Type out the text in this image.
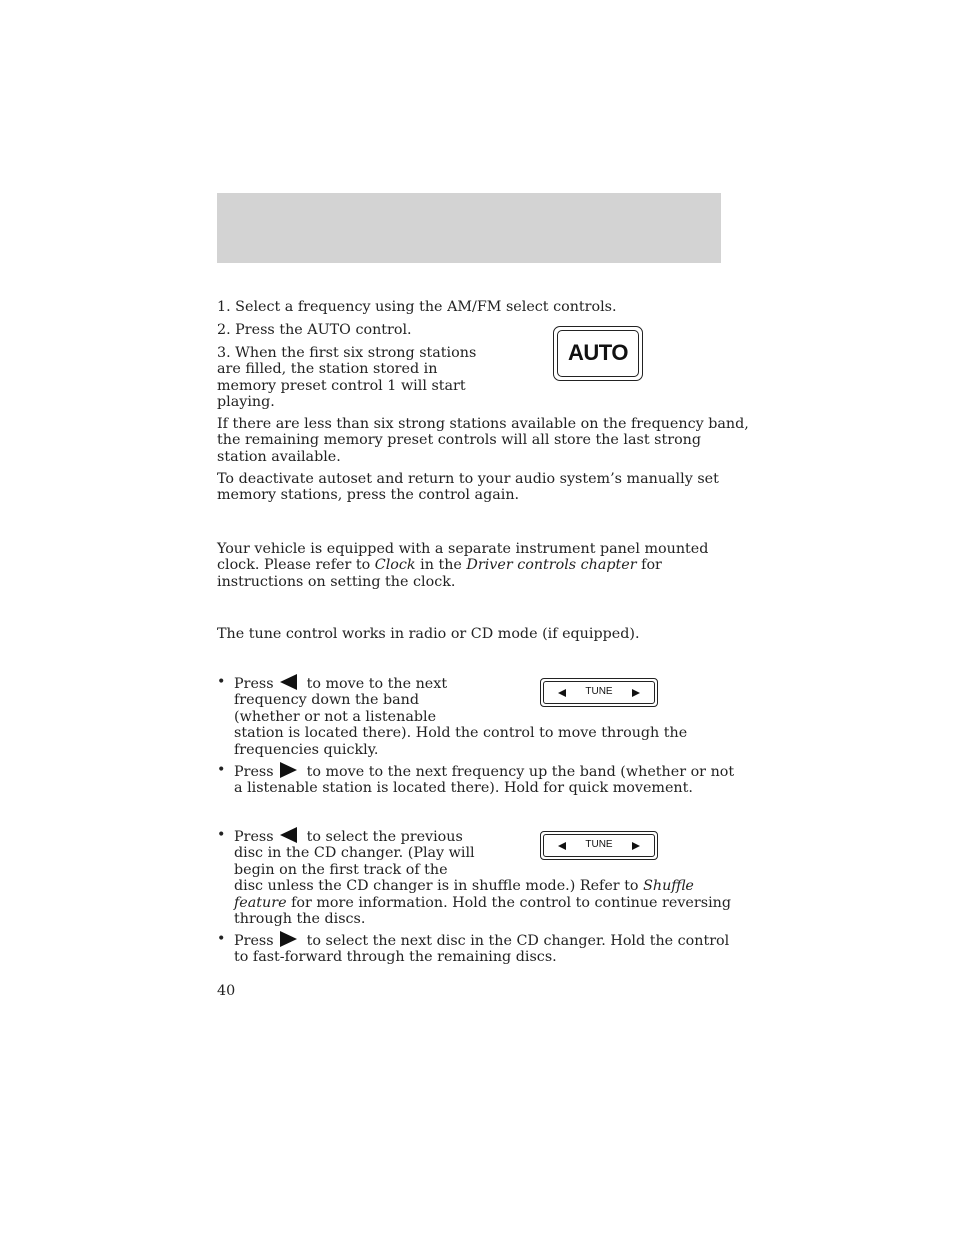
1. Select a frequency using the AM/FM select controls.
2. Press the AUTO control.
3. When the first six strong stations
are filled, the station stored in
memory preset control 1 will start
playing.
AUTO
If there are less than six strong stations available on the frequency band,
the remaining memory preset controls will all store the last strong
station available.
To deactivate autoset and return to your audio system’s manually set
memory stations, press the control again.
Your vehicle is equipped with a separate instrument panel mounted
clock. Please refer to Clock in the Driver controls chapter for
instructions on setting the clock.
The tune control works in radio or CD mode (if equipped).
• Press to move to the next
frequency down the band
(whether or not a listenable
station is located there). Hold the control to move through the
frequencies quickly.
TUNE
• Press to move to the next frequency up the band (whether or not
a listenable station is located there). Hold for quick movement.
• Press to select the previous
disc in the CD changer. (Play will
begin on the first track of the
disc unless the CD changer is in shuffle mode.) Refer to Shuffle
feature for more information. Hold the control to continue reversing
through the discs.
TUNE
• Press to select the next disc in the CD changer. Hold the control
to fast-forward through the remaining discs.
40
